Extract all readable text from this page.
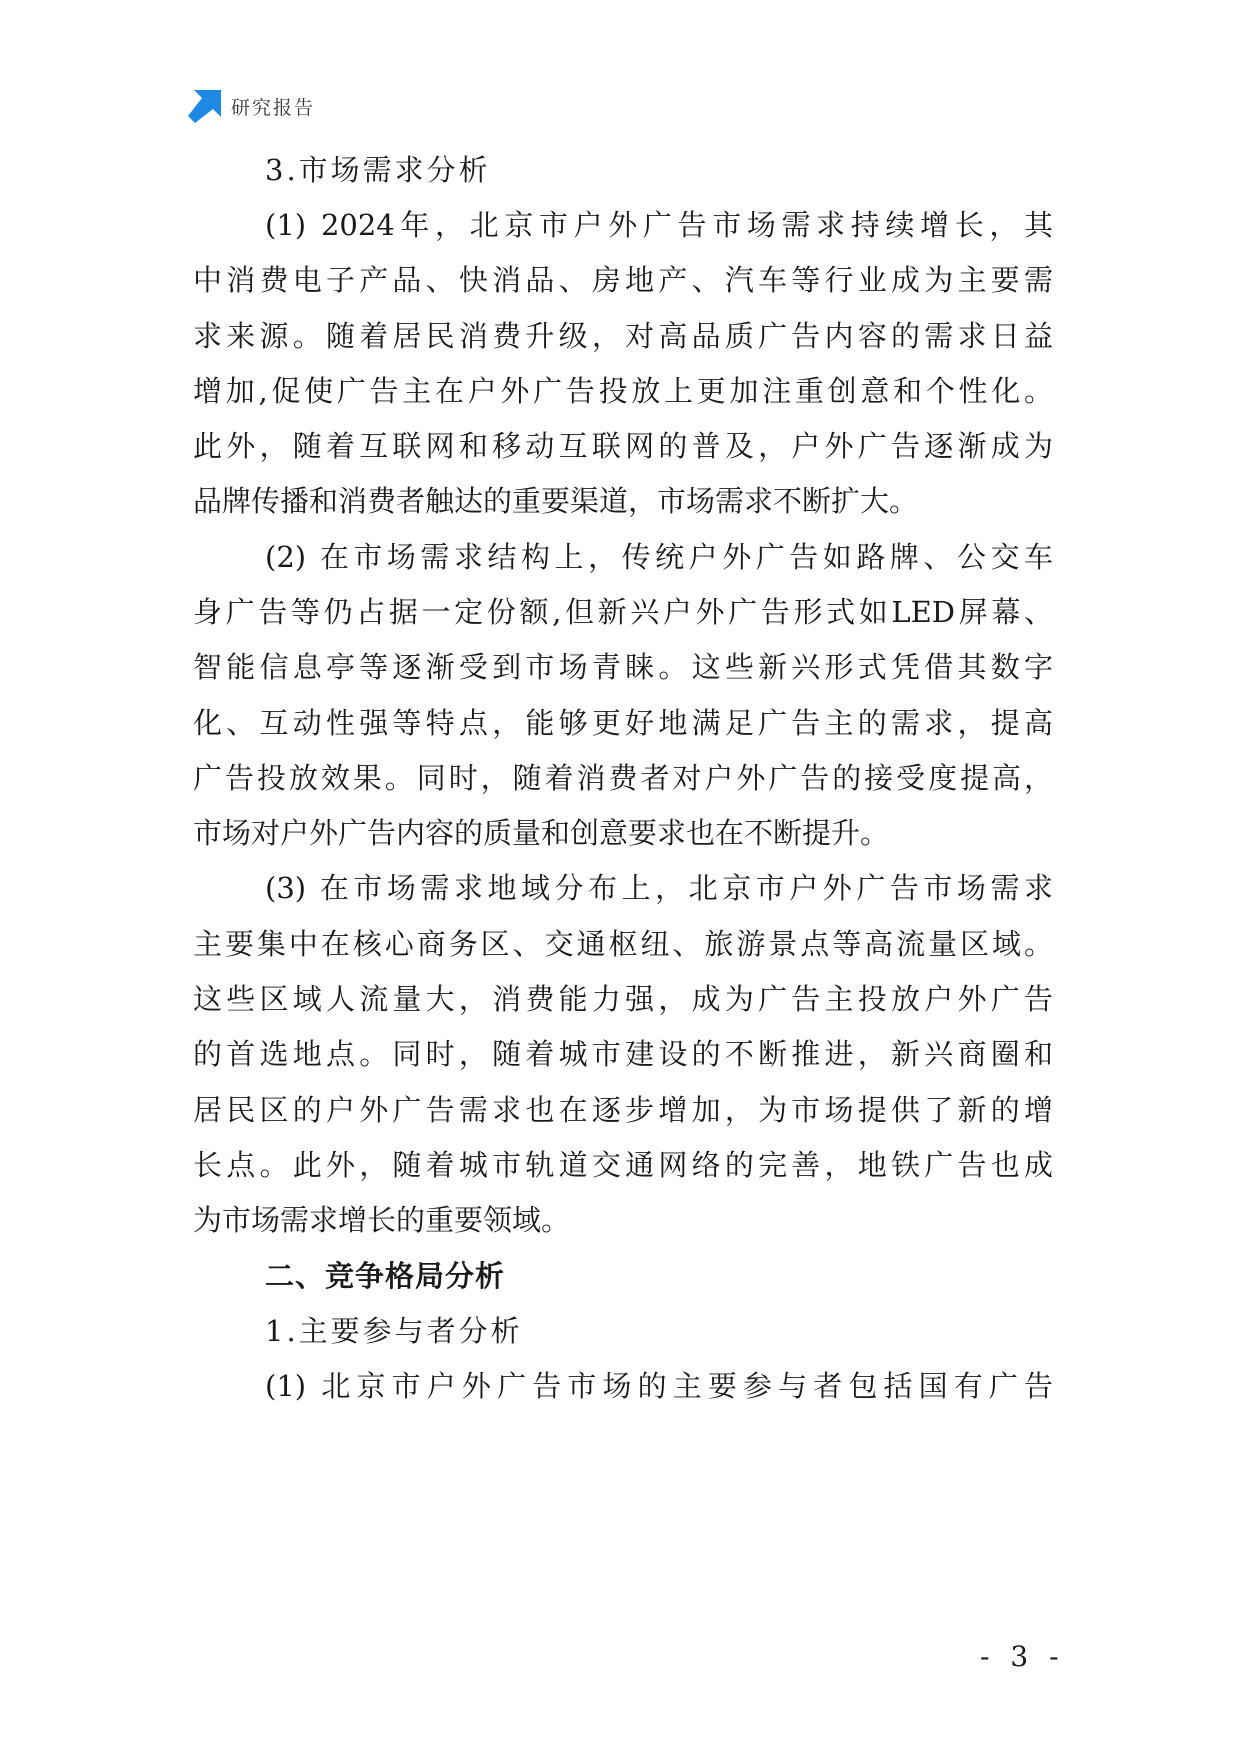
研究报告
3.市场需求分析
(1) 2024年，北京市户外广告市场需求持续增长，其
中消费电子产品、快消品、房地产、汽车等行业成为主要需
求来源。随着居民消费升级，对高品质广告内容的需求日益
增加,促使广告主在户外广告投放上更加注重创意和个性化。
此外，随着互联网和移动互联网的普及，户外广告逐渐成为
品牌传播和消费者触达的重要渠道，市场需求不断扩大。
(2) 在市场需求结构上，传统户外广告如路牌、公交车
身广告等仍占据一定份额,但新兴户外广告形式如LED屏幕、
智能信息亭等逐渐受到市场青睐。这些新兴形式凭借其数字
化、互动性强等特点，能够更好地满足广告主的需求，提高
广告投放效果。同时，随着消费者对户外广告的接受度提高，
市场对户外广告内容的质量和创意要求也在不断提升。
(3) 在市场需求地域分布上，北京市户外广告市场需求
主要集中在核心商务区、交通枢纽、旅游景点等高流量区域。
这些区域人流量大，消费能力强，成为广告主投放户外广告
的首选地点。同时，随着城市建设的不断推进，新兴商圈和
居民区的户外广告需求也在逐步增加，为市场提供了新的增
长点。此外，随着城市轨道交通网络的完善，地铁广告也成
为市场需求增长的重要领域。
二、竞争格局分析
1.主要参与者分析
(1) 北京市户外广告市场的主要参与者包括国有广告
- 3 -
